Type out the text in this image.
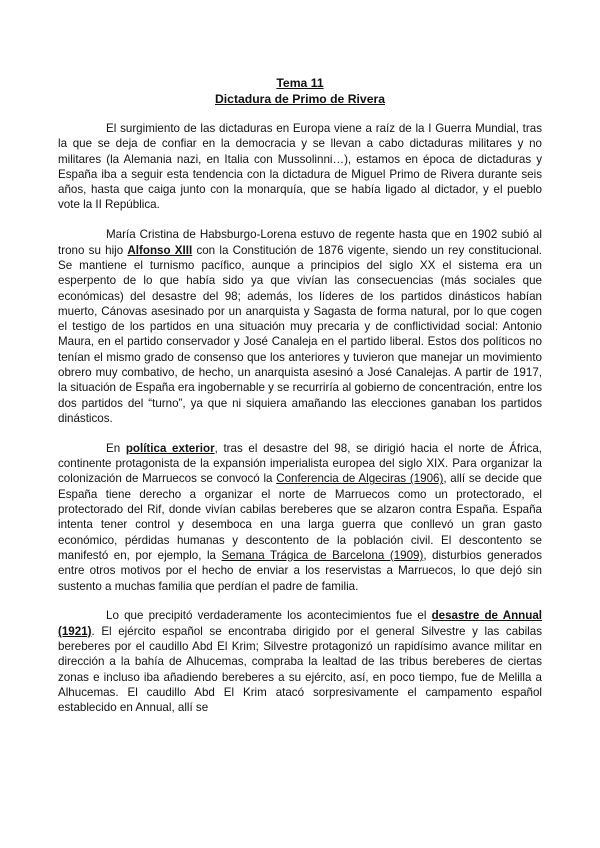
Tema 11
Dictadura de Primo de Rivera

El surgimiento de las dictaduras en Europa viene a raíz de la I Guerra Mundial, tras la que se deja de confiar en la democracia y se llevan a cabo dictaduras militares y no militares (la Alemania nazi, en Italia con Mussolinni…), estamos en época de dictaduras y España iba a seguir esta tendencia con la dictadura de Miguel Primo de Rivera durante seis años, hasta que caiga junto con la monarquía, que se había ligado al dictador, y el pueblo vote la II República.

María Cristina de Habsburgo-Lorena estuvo de regente hasta que en 1902 subió al trono su hijo Alfonso XIII con la Constitución de 1876 vigente, siendo un rey constitucional. Se mantiene el turnismo pacífico, aunque a principios del siglo XX el sistema era un esperpento de lo que había sido ya que vivían las consecuencias (más sociales que económicas) del desastre del 98; además, los líderes de los partidos dinásticos habían muerto, Cánovas asesinado por un anarquista y Sagasta de forma natural, por lo que cogen el testigo de los partidos en una situación muy precaria y de conflictividad social: Antonio Maura, en el partido conservador y José Canaleja en el partido liberal. Estos dos políticos no tenían el mismo grado de consenso que los anteriores y tuvieron que manejar un movimiento obrero muy combativo, de hecho, un anarquista asesinó a José Canalejas. A partir de 1917, la situación de España era ingobernable y se recurriría al gobierno de concentración, entre los dos partidos del “turno”, ya que ni siquiera amañando las elecciones ganaban los partidos dinásticos.

En política exterior, tras el desastre del 98, se dirigió hacia el norte de África, continente protagonista de la expansión imperialista europea del siglo XIX. Para organizar la colonización de Marruecos se convocó la Conferencia de Algeciras (1906), allí se decide que España tiene derecho a organizar el norte de Marruecos como un protectorado, el protectorado del Rif, donde vivían cabilas bereberes que se alzaron contra España. España intenta tener control y desemboca en una larga guerra que conllevó un gran gasto económico, pérdidas humanas y descontento de la población civil. El descontento se manifestó en, por ejemplo, la Semana Trágica de Barcelona (1909), disturbios generados entre otros motivos por el hecho de enviar a los reservistas a Marruecos, lo que dejó sin sustento a muchas familia que perdían el padre de familia.

Lo que precipitó verdaderamente los acontecimientos fue el desastre de Annual (1921). El ejército español se encontraba dirigido por el general Silvestre y las cabilas bereberes por el caudillo Abd El Krim; Silvestre protagonizó un rapidísimo avance militar en dirección a la bahía de Alhucemas, compraba la lealtad de las tribus bereberes de ciertas zonas e incluso iba añadiendo bereberes a su ejército, así, en poco tiempo, fue de Melilla a Alhucemas. El caudillo Abd El Krim atacó sorpresivamente el campamento español establecido en Annual, allí se
